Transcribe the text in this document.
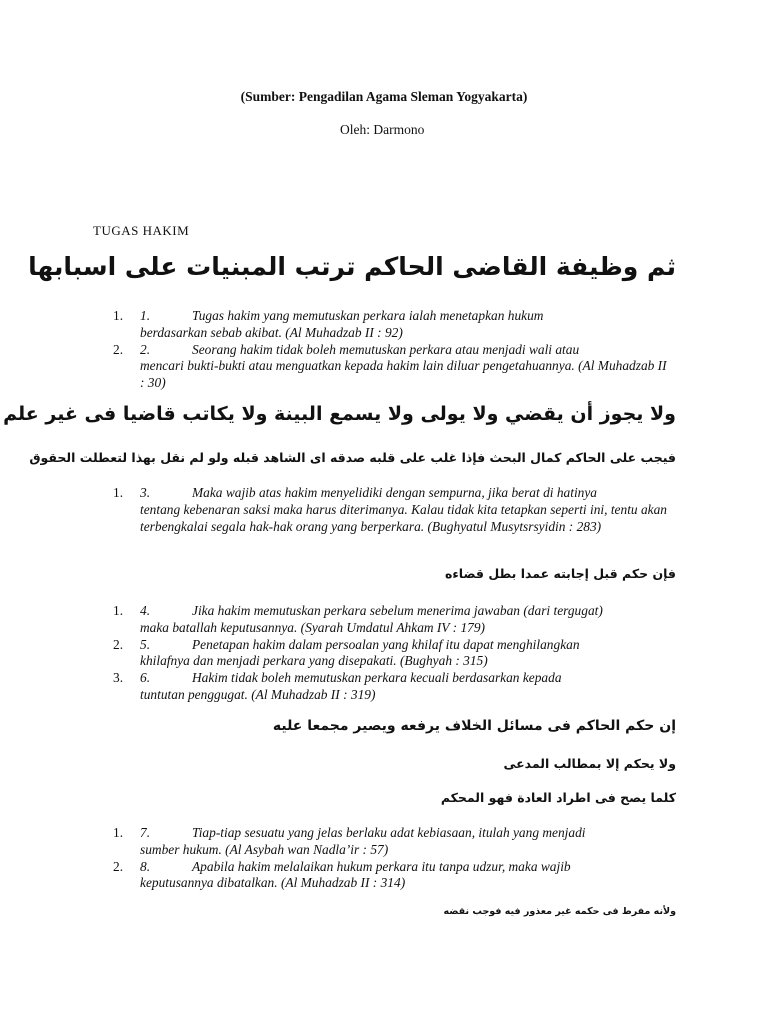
(Sumber: Pengadilan Agama Sleman Yogyakarta)
Oleh: Darmono
TUGAS HAKIM
ثم وظيفة القاضى الحاكم ترتب المبنيات على اسبابها
1.	1.	Tugas hakim yang memutuskan perkara ialah menetapkan hukum
berdasarkan sebab akibat. (Al Muhadzab II : 92)
2.	2.	Seorang hakim tidak boleh memutuskan perkara atau menjadi wali atau
mencari bukti-bukti atau menguatkan kepada hakim lain diluar pengetahuannya. (Al Muhadzab II : 30)
ولا يجوز أن يقضي ولا يولى ولا يسمع البينة ولا يكاتب قاضيا فى غير علم
فيجب على الحاكم كمال البحث فإذا غلب على قلبه صدقه اى الشاهد قبله ولو لم نقل بهذا لتعطلت الحقوق
1.	3.	Maka wajib atas hakim menyelidiki dengan sempurna, jika berat di hatinya
tentang kebenaran saksi maka harus diterimanya. Kalau tidak kita tetapkan seperti ini, tentu akan terbengkalai segala hak-hak orang yang berperkara. (Bughyatul Musytsrsyidin : 283)
فإن حكم قبل إجابته عمدا بطل قضاءه
1.	4.	Jika hakim memutuskan perkara sebelum menerima jawaban (dari tergugat)
maka batallah keputusannya. (Syarah Umdatul Ahkam IV : 179)
2.	5.	Penetapan hakim dalam persoalan yang khilaf itu dapat menghilangkan
khilafnya dan menjadi perkara yang disepakati. (Bughyah : 315)
3.	6.	Hakim tidak boleh memutuskan perkara kecuali berdasarkan kepada
tuntutan penggugat. (Al Muhadzab II : 319)
إن حكم الحاكم فى مسائل الخلاف يرفعه ويصير مجمعا عليه
ولا يحكم إلا بمطالب المدعى
كلما يصح فى اطراد العادة فهو المحكم
1.	7.	Tiap-tiap sesuatu yang jelas berlaku adat kebiasaan, itulah yang menjadi
sumber hukum. (Al Asybah wan Nadla’ir : 57)
2.	8.	Apabila hakim melalaikan hukum perkara itu tanpa udzur, maka wajib
keputusannya dibatalkan. (Al Muhadzab II : 314)
ولأنه مفرط فى حكمه غير معذور فيه فوجب نقضه
